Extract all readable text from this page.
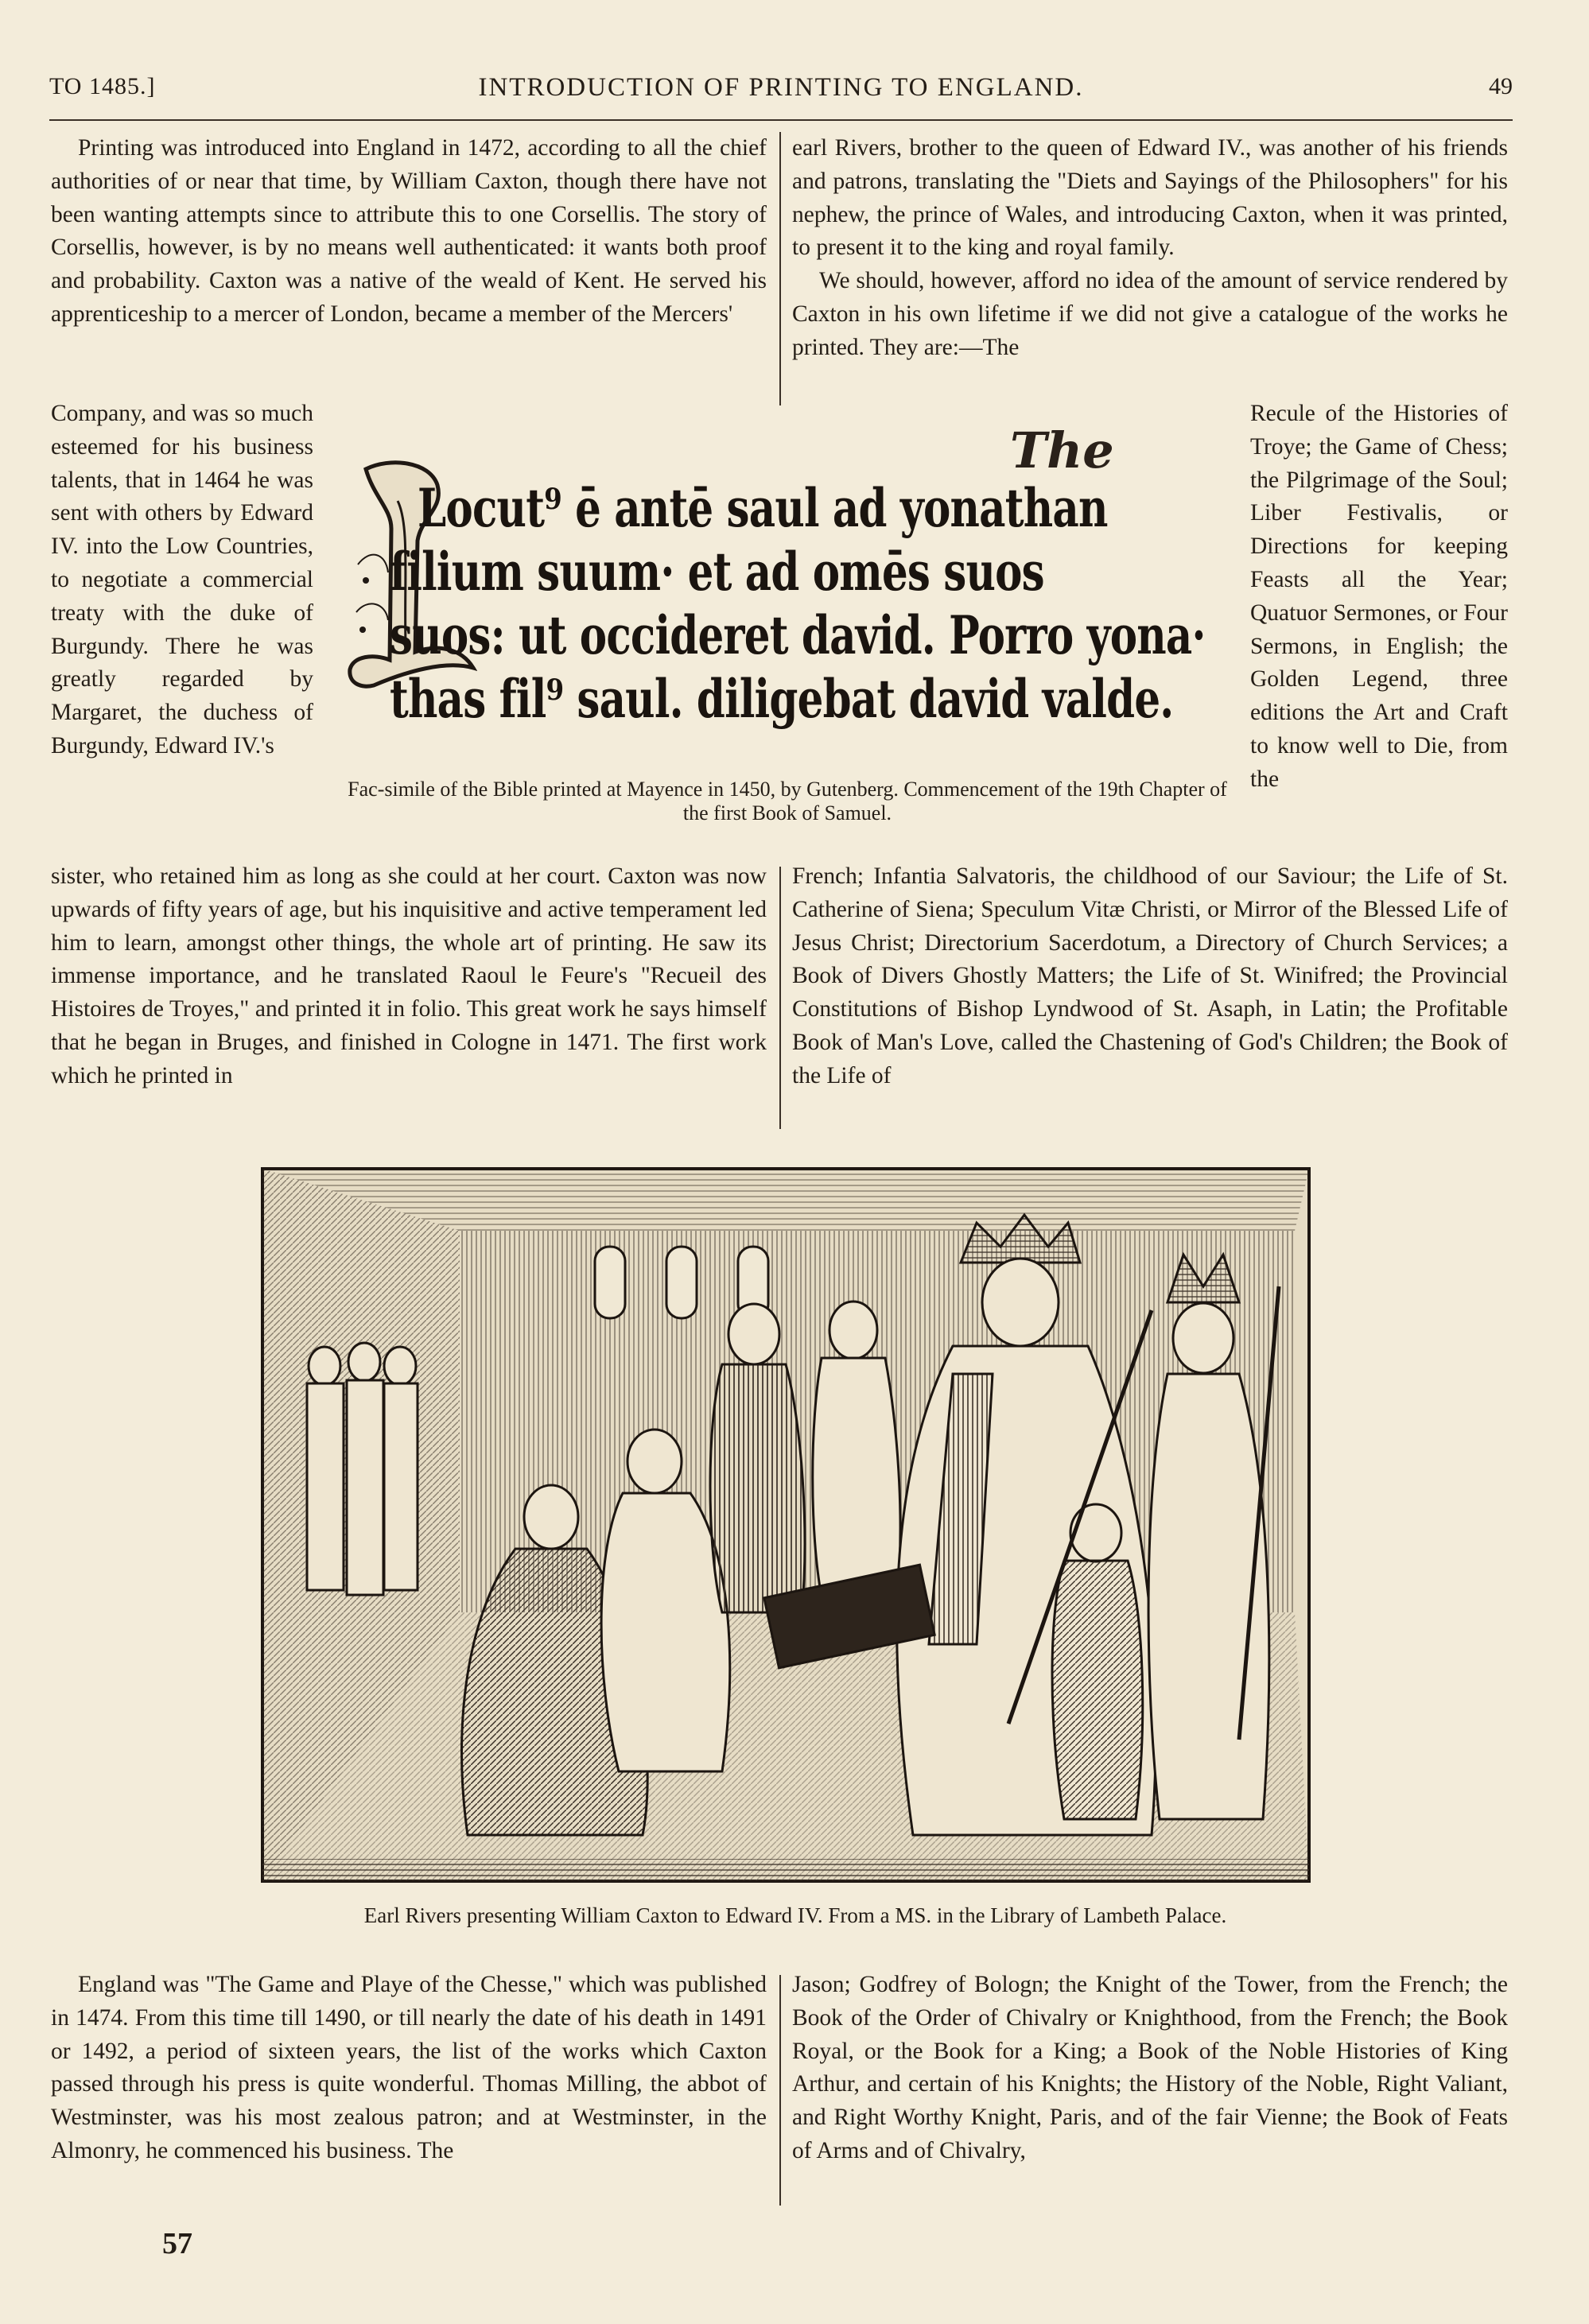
TO 1485.]	INTRODUCTION OF PRINTING TO ENGLAND.	49

Printing was introduced into England in 1472, according to all the chief authorities of or near that time, by William Caxton, though there have not been wanting attempts since to attribute this to one Corsellis. The story of Corsellis, however, is by no means well authenticated: it wants both proof and probability. Caxton was a native of the weald of Kent. He served his apprenticeship to a mercer of London, became a member of the Mercers'

Company, and was so much esteemed for his business talents, that in 1464 he was sent with others by Edward IV. into the Low Countries, to negotiate a commercial treaty with the duke of Burgundy. There he was greatly regarded by Margaret, the duchess of Burgundy, Edward IV.'s

sister, who retained him as long as she could at her court. Caxton was now upwards of fifty years of age, but his inquisitive and active temperament led him to learn, amongst other things, the whole art of printing. He saw its immense importance, and he translated Raoul le Feure's "Recueil des Histoires de Troyes," and printed it in folio. This great work he says himself that he began in Bruges, and finished in Cologne in 1471. The first work which he printed in

earl Rivers, brother to the queen of Edward IV., was another of his friends and patrons, translating the "Diets and Sayings of the Philosophers" for his nephew, the prince of Wales, and introducing Caxton, when it was printed, to present it to the king and royal family.

We should, however, afford no idea of the amount of service rendered by Caxton in his own lifetime if we did not give a catalogue of the works he printed. They are:—The

Recule of the Histories of Troye; the Game of Chess; the Pilgrimage of the Soul; Liber Festivalis, or Directions for keeping Feasts all the Year; Quatuor Sermones, or Four Sermons, in English; the Golden Legend, three editions the Art and Craft to know well to Die, from the

French; Infantia Salvatoris, the childhood of our Saviour; the Life of St. Catherine of Siena; Speculum Vitæ Christi, or Mirror of the Blessed Life of Jesus Christ; Directorium Sacerdotum, a Directory of Church Services; a Book of Divers Ghostly Matters; the Life of St. Winifred; the Provincial Constitutions of Bishop Lyndwood of St. Asaph, in Latin; the Profitable Book of Man's Love, called the Chastening of God's Children; the Book of the Life of

The
Locut⁹ ē antē saul ad yonathan
filium suum· et ad omēs suos
suos: ut occideret david. Porro yona·
thas fil⁹ saul. diligebat david valde.
Fac-simile of the Bible printed at Mayence in 1450, by Gutenberg. Commencement of the 19th Chapter of the first Book of Samuel.
Earl Rivers presenting William Caxton to Edward IV. From a MS. in the Library of Lambeth Palace.

England was "The Game and Playe of the Chesse," which was published in 1474. From this time till 1490, or till nearly the date of his death in 1491 or 1492, a period of sixteen years, the list of the works which Caxton passed through his press is quite wonderful. Thomas Milling, the abbot of Westminster, was his most zealous patron; and at Westminster, in the Almonry, he commenced his business. The

Jason; Godfrey of Bologn; the Knight of the Tower, from the French; the Book of the Order of Chivalry or Knighthood, from the French; the Book Royal, or the Book for a King; a Book of the Noble Histories of King Arthur, and certain of his Knights; the History of the Noble, Right Valiant, and Right Worthy Knight, Paris, and of the fair Vienne; the Book of Feats of Arms and of Chivalry,

57
